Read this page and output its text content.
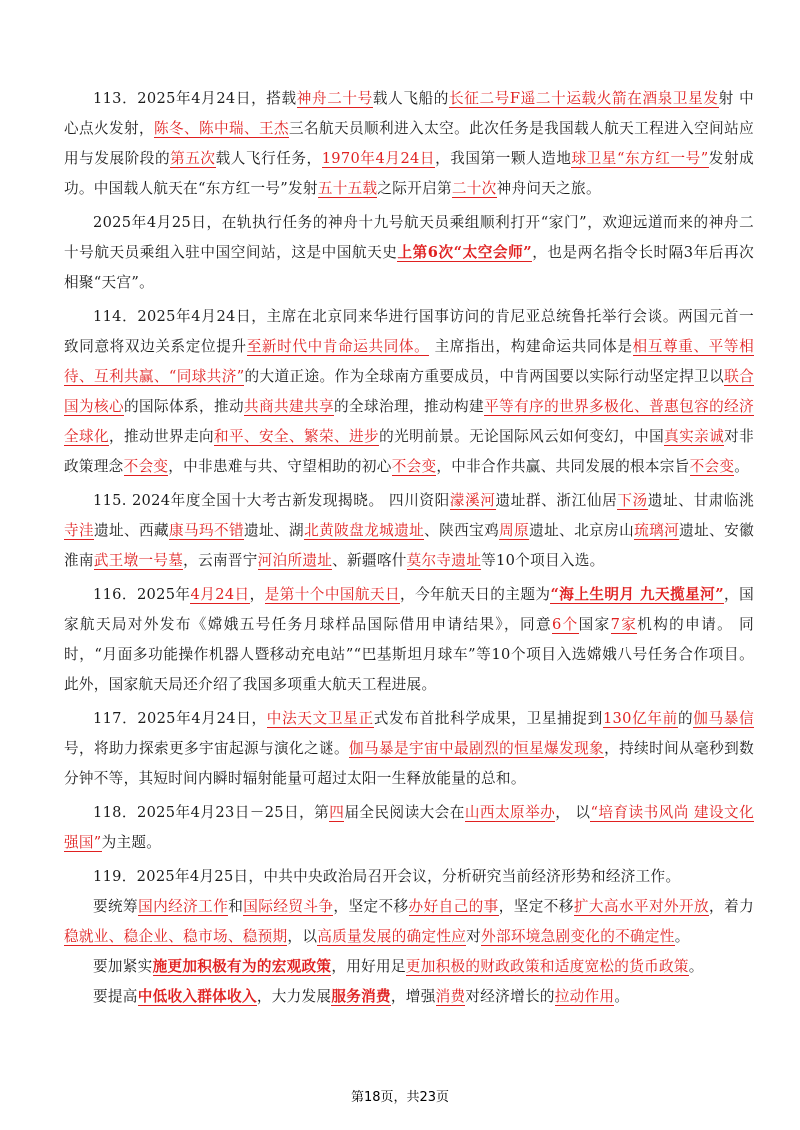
113．2025年4月24日，搭载神舟二十号载人飞船的长征二号F遥二十运载火箭在酒泉卫星发射 中心点火发射，陈冬、陈中瑞、王杰三名航天员顺利进入太空。此次任务是我国载人航天工程进入空间站应用与发展阶段的第五次载人飞行任务，1970年4月24日，我国第一颗人造地球卫星“东方红一号”发射成功。中国载人航天在“东方红一号”发射五十五载之际开启第二十次神舟问天之旅。

2025年4月25日，在轨执行任务的神舟十九号航天员乘组顺利打开“家门”，欢迎远道而来的神舟二十号航天员乘组入驻中国空间站，这是中国航天史上第6次“太空会师”，也是两名指令长时隔3年后再次相聚“天宫”。

114．2025年4月24日，主席在北京同来华进行国事访问的肯尼亚总统鲁托举行会谈。两国元首一致同意将双边关系定位提升至新时代中肯命运共同体。 主席指出，构建命运共同体是相互尊重、平等相待、互利共赢、“同球共济”的大道正途。作为全球南方重要成员，中肯两国要以实际行动坚定捍卫以联合国为核心的国际体系，推动共商共建共享的全球治理，推动构建平等有序的世界多极化、普惠包容的经济全球化，推动世界走向和平、安全、繁荣、进步的光明前景。无论国际风云如何变幻，中国真实亲诚对非政策理念不会变，中非患难与共、守望相助的初心不会变，中非合作共赢、共同发展的根本宗旨不会变。

115. 2024年度全国十大考古新发现揭晓。 四川资阳濛溪河遗址群、浙江仙居下汤遗址、甘肃临洮寺洼遗址、西藏康马玛不错遗址、湖北黄陂盘龙城遗址、陕西宝鸡周原遗址、北京房山琉璃河遗址、安徽淮南武王墩一号墓，云南晋宁河泊所遗址、新疆喀什莫尔寺遗址等10个项目入选。

116．2025年4月24日，是第十个中国航天日，今年航天日的主题为“海上生明月 九天揽星河”，国家航天局对外发布《嫦娥五号任务月球样品国际借用申请结果》，同意6个国家7家机构的申请。 同时，“月面多功能操作机器人暨移动充电站”“巴基斯坦月球车”等10个项目入选嫦娥八号任务合作项目。此外，国家航天局还介绍了我国多项重大航天工程进展。

117．2025年4月24日，中法天文卫星正式发布首批科学成果，卫星捕捉到130亿年前的伽马暴信号，将助力探索更多宇宙起源与演化之谜。伽马暴是宇宙中最剧烈的恒星爆发现象，持续时间从毫秒到数分钟不等，其短时间内瞬时辐射能量可超过太阳一生释放能量的总和。

118．2025年4月23日－25日，第四届全民阅读大会在山西太原举办， 以“培育读书风尚 建设文化强国”为主题。

119．2025年4月25日，中共中央政治局召开会议，分析研究当前经济形势和经济工作。

要统筹国内经济工作和国际经贸斗争，坚定不移办好自己的事，坚定不移扩大高水平对外开放，着力稳就业、稳企业、稳市场、稳预期，以高质量发展的确定性应对外部环境急剧变化的不确定性。

要加紧实施更加积极有为的宏观政策，用好用足更加积极的财政政策和适度宽松的货币政策。

要提高中低收入群体收入，大力发展服务消费，增强消费对经济增长的拉动作用。

第18页，共23页
